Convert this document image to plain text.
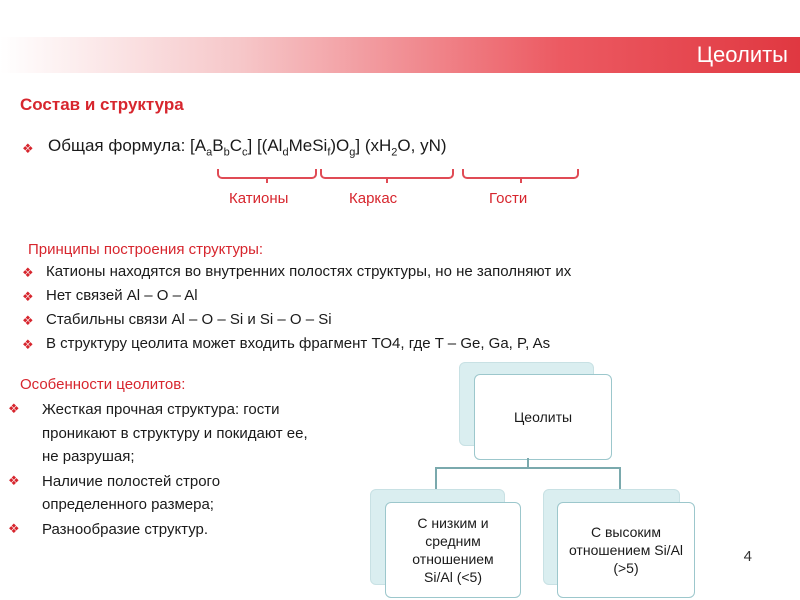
Цеолиты
Состав и структура
❖ Общая формула: $[A_aB_bC_c]$ $[(Al_dMeSi_f)O_g]$ ($xH_2O$, yN)
Катионы	Каркас	Гости
Принципы построения структуры:
❖ Катионы находятся во внутренних полостях структуры, но не заполняют их
❖ Нет связей Al – O – Al
❖ Стабильны связи Al – O – Si и Si – O – Si
❖ В структуру цеолита может входить фрагмент TO4, где T – Ge, Ga, P, As
Особенности цеолитов:
❖ Жесткая прочная структура: гости проникают в структуру и покидают ее, не разрушая;
❖ Наличие полостей строго определенного размера;
❖ Разнообразие структур.
Цеолиты
С низким и средним отношением Si/Al (<5)
С высоким отношением Si/Al (>5)
4
